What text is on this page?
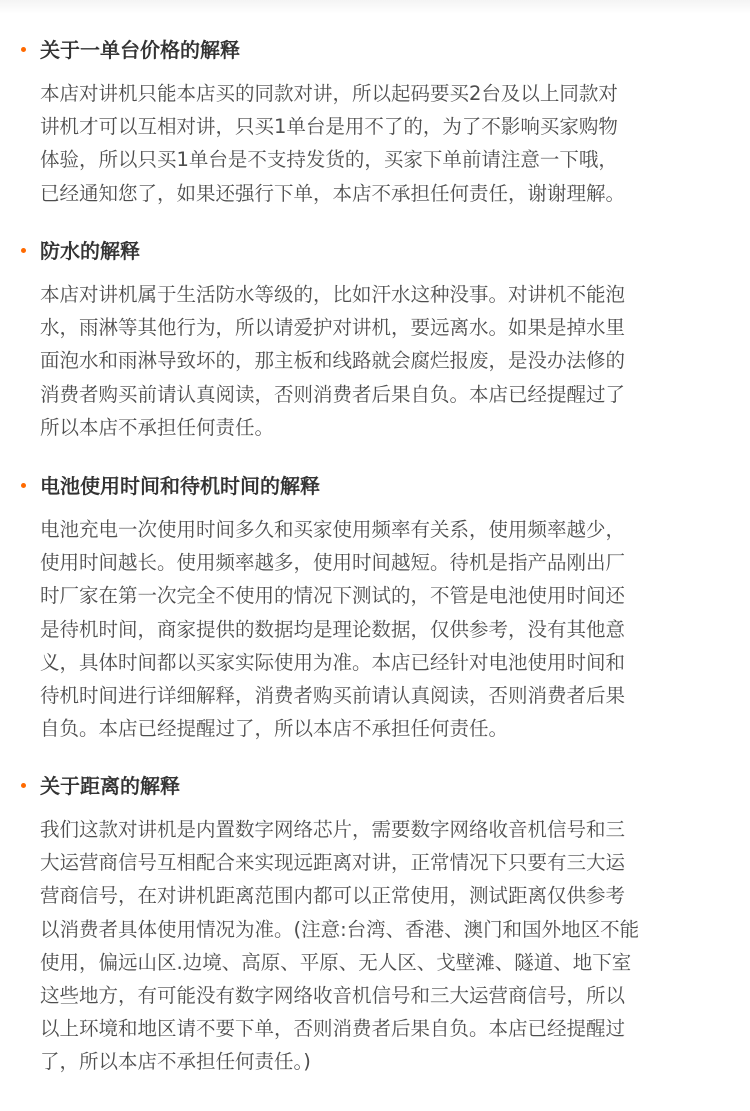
关于一单台价格的解释
本店对讲机只能本店买的同款对讲，所以起码要买2台及以上同款对
讲机才可以互相对讲，只买1单台是用不了的，为了不影响买家购物
体验，所以只买1单台是不支持发货的，买家下单前请注意一下哦，
已经通知您了，如果还强行下单，本店不承担任何责任，谢谢理解。
防水的解释
本店对讲机属于生活防水等级的，比如汗水这种没事。对讲机不能泡
水，雨淋等其他行为，所以请爱护对讲机，要远离水。如果是掉水里
面泡水和雨淋导致坏的，那主板和线路就会腐烂报废，是没办法修的
消费者购买前请认真阅读，否则消费者后果自负。本店已经提醒过了
所以本店不承担任何责任。
电池使用时间和待机时间的解释
电池充电一次使用时间多久和买家使用频率有关系，使用频率越少，
使用时间越长。使用频率越多，使用时间越短。待机是指产品刚出厂
时厂家在第一次完全不使用的情况下测试的，不管是电池使用时间还
是待机时间，商家提供的数据均是理论数据，仅供参考，没有其他意
义，具体时间都以买家实际使用为准。本店已经针对电池使用时间和
待机时间进行详细解释，消费者购买前请认真阅读，否则消费者后果
自负。本店已经提醒过了，所以本店不承担任何责任。
关于距离的解释
我们这款对讲机是内置数字网络芯片，需要数字网络收音机信号和三
大运营商信号互相配合来实现远距离对讲，正常情况下只要有三大运
营商信号，在对讲机距离范围内都可以正常使用，测试距离仅供参考
以消费者具体使用情况为准。(注意:台湾、香港、澳门和国外地区不能
使用，偏远山区.边境、高原、平原、无人区、戈壁滩、隧道、地下室
这些地方，有可能没有数字网络收音机信号和三大运营商信号，所以
以上环境和地区请不要下单，否则消费者后果自负。本店已经提醒过
了，所以本店不承担任何责任。)
